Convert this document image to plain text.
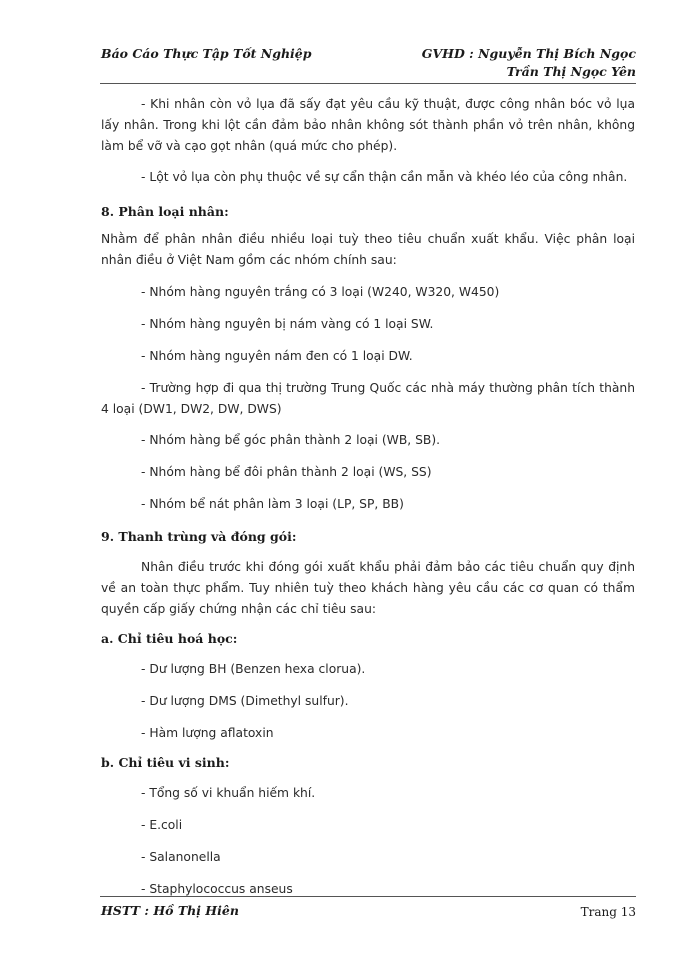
Báo Cáo Thực Tập Tốt Nghiệp	GVHD : Nguyễn Thị Bích Ngọc
Trần Thị Ngọc Yên

- Khi nhân còn vỏ lụa đã sấy đạt yêu cầu kỹ thuật, được công nhân bóc vỏ lụa lấy nhân. Trong khi lột cần đảm bảo nhân không sót thành phần vỏ trên nhân, không làm bể vỡ và cạo gọt nhân (quá mức cho phép).

- Lột vỏ lụa còn phụ thuộc về sự cẩn thận cần mẫn và khéo léo của công nhân.

8. Phân loại nhân:

Nhằm để phân nhân điều nhiều loại tuỳ theo tiêu chuẩn xuất khẩu. Việc phân loại nhân điều ở Việt Nam gồm các nhóm chính sau:

- Nhóm hàng nguyên trắng có 3 loại (W240, W320, W450)

- Nhóm hàng nguyên bị nám vàng có 1 loại SW.

- Nhóm hàng nguyên nám đen có 1 loại DW.

- Trường hợp đi qua thị trường Trung Quốc các nhà máy thường phân tích thành 4 loại (DW1, DW2, DW, DWS)

- Nhóm hàng bể góc phân thành 2 loại (WB, SB).

- Nhóm hàng bể đôi phân thành 2 loại (WS, SS)

- Nhóm bể nát phân làm 3 loại (LP, SP, BB)

9. Thanh trùng và đóng gói:

Nhân điều trước khi đóng gói xuất khẩu phải đảm bảo các tiêu chuẩn quy định về an toàn thực phẩm. Tuy nhiên tuỳ theo khách hàng yêu cầu các cơ quan có thẩm quyền cấp giấy chứng nhận các chỉ tiêu sau:

a. Chỉ tiêu hoá học:

- Dư lượng BH (Benzen hexa clorua).

- Dư lượng DMS (Dimethyl sulfur).

- Hàm lượng aflatoxin

b. Chỉ tiêu vi sinh:

- Tổng số vi khuẩn hiếm khí.

- E.coli

- Salanonella

- Staphylococcus anseus

HSTT : Hồ Thị Hiên	Trang 13
